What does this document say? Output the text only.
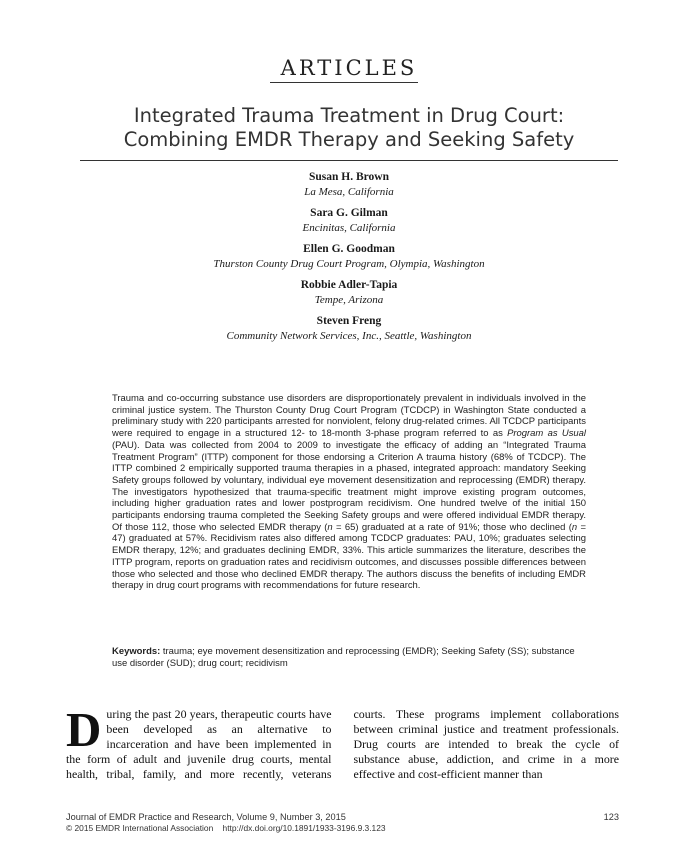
ARTICLES
Integrated Trauma Treatment in Drug Court:
Combining EMDR Therapy and Seeking Safety
Susan H. Brown
La Mesa, California
Sara G. Gilman
Encinitas, California
Ellen G. Goodman
Thurston County Drug Court Program, Olympia, Washington
Robbie Adler-Tapia
Tempe, Arizona
Steven Freng
Community Network Services, Inc., Seattle, Washington
Trauma and co-occurring substance use disorders are disproportionately prevalent in individuals involved in the criminal justice system. The Thurston County Drug Court Program (TCDCP) in Washington State conducted a preliminary study with 220 participants arrested for nonviolent, felony drug-related crimes. All TCDCP participants were required to engage in a structured 12- to 18-month 3-phase program referred to as Program as Usual (PAU). Data was collected from 2004 to 2009 to investigate the efficacy of adding an “Integrated Trauma Treatment Program” (ITTP) component for those endorsing a Criterion A trauma history (68% of TCDCP). The ITTP combined 2 empirically supported trauma therapies in a phased, integrated approach: mandatory Seeking Safety groups followed by voluntary, individual eye movement desensitization and reprocessing (EMDR) therapy. The investigators hypothesized that trauma-specific treatment might improve existing program outcomes, including higher graduation rates and lower postprogram recidivism. One hundred twelve of the initial 150 participants endorsing trauma completed the Seeking Safety groups and were offered individual EMDR therapy. Of those 112, those who selected EMDR therapy (n = 65) graduated at a rate of 91%; those who declined (n = 47) graduated at 57%. Recidivism rates also differed among TCDCP graduates: PAU, 10%; graduates selecting EMDR therapy, 12%; and graduates declining EMDR, 33%. This article summarizes the literature, describes the ITTP program, reports on graduation rates and recidivism outcomes, and discusses possible differences between those who selected and those who declined EMDR therapy. The authors discuss the benefits of including EMDR therapy in drug court programs with recommendations for future research.
Keywords: trauma; eye movement desensitization and reprocessing (EMDR); Seeking Safety (SS); substance use disorder (SUD); drug court; recidivism
During the past 20 years, therapeutic courts have been developed as an alternative to incarceration and have been implemented in the form of adult and juvenile drug courts, mental health, tribal, family, and more recently, veterans courts. These programs implement collaborations between criminal justice and treatment professionals. Drug courts are intended to break the cycle of substance abuse, addiction, and crime in a more effective and cost-efficient manner than
Journal of EMDR Practice and Research, Volume 9, Number 3, 2015
© 2015 EMDR International Association    http://dx.doi.org/10.1891/1933-3196.9.3.123
123
